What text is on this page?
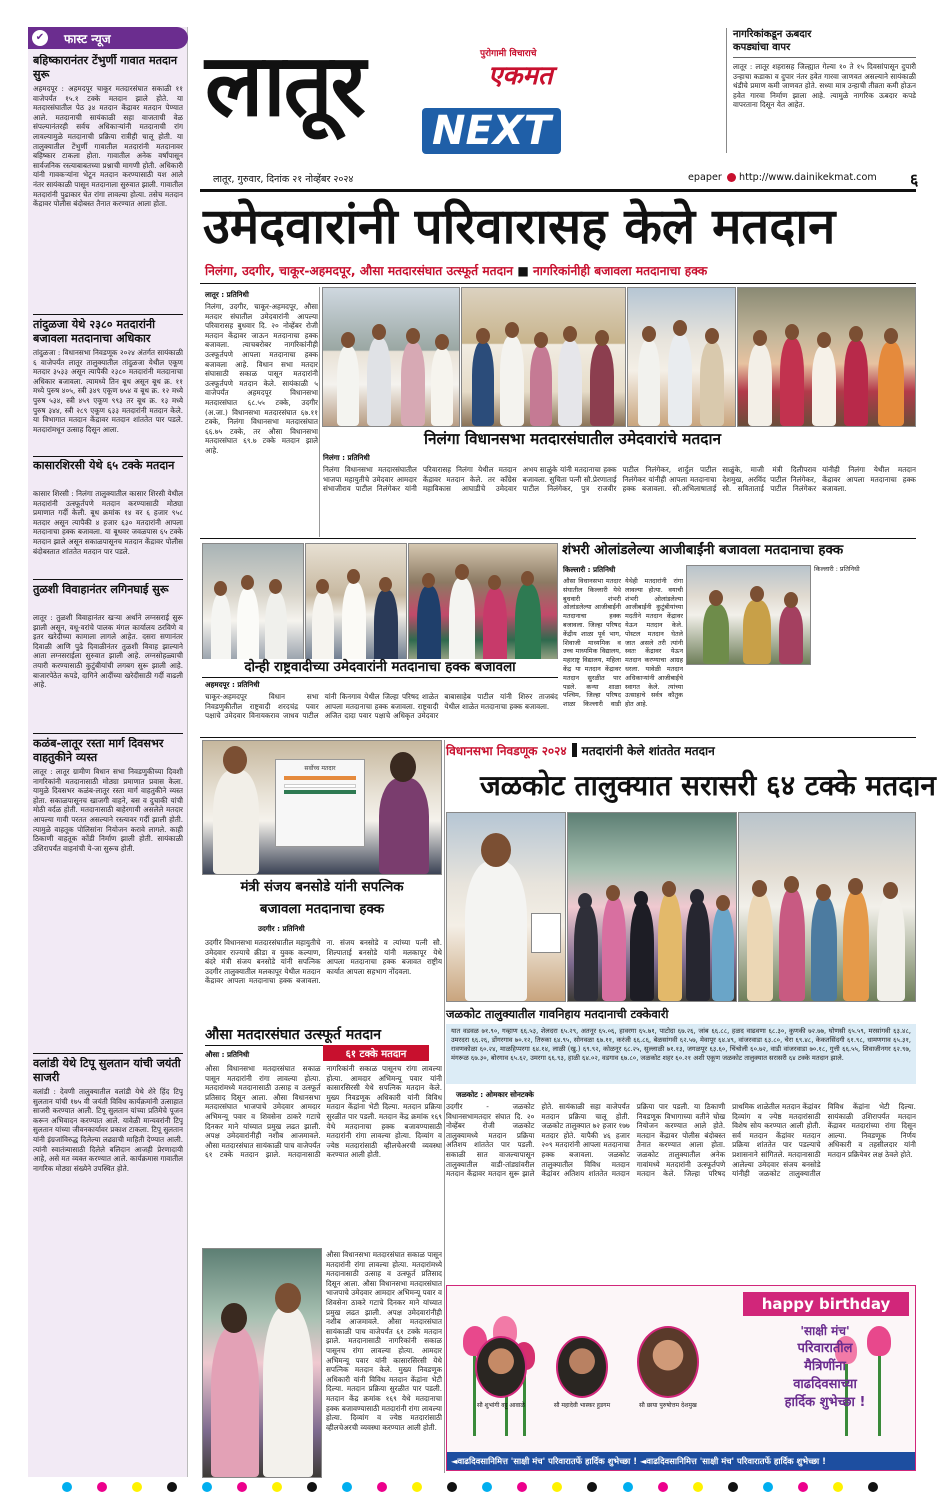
✔	फास्ट न्यूज
बहिष्कारानंतर टेंभुर्णी गावात मतदान सुरू
अहमदपूर : अहमदपूर चाकूर मतदारसंघात सकाळी ११ वाजेपर्यंत १५.१ टक्के मतदान झाले होते. या मतदारसंघातील पेठ ३४ मतदान केंद्रावर मतदान पेण्यात आले. मतदानाची सायंकाळी सहा वाजताची वेळ संपल्यानंतरही सर्वच अधिकाऱ्यांनी मतदानाची रांग लावल्यामुळे मतदानाची प्रक्रिया रात्रीही चालू होती. या तालुक्यातील टेंभुर्णी गावातील मतदारांनी मतदानावर बहिष्कार टाकला होता. गावातील अनेक वर्षांपासून सार्वजनिक रस्त्याबाबतच्या प्रश्नाची मागणी होती. अधिकारी यांनी गावकऱ्यांना भेटून मतदान करण्यासाठी यश आले नंतर सायंकाळी पासून मतदानाला सुरुवात झाली. गावातील मतदारांनी पुढाकार घेत रांगा लावल्या होत्या. तसेच मतदान केंद्रावर पोलीस बंदोबस्त तैनात करण्यात आला होता.
तांदुळजा येथे २३८० मतदारांनी बजावला मतदानाचा अधिकार
तांदुळजा : विधानसभा निवडणूक २०२४ अंतर्गत सायंकाळी ६ वाजेपर्यंत लातूर तालुक्यातील तांदुळजा येथील एकूण मतदार ३५३३ असून त्यापैकी २३८० मतदारांनी मतदानाचा अधिकार बजावला. त्यामध्ये तिन बूथ असून बूथ क्र. ११ मध्ये पुरुष ४०५, स्त्री ३४९ एकूण ७५४ व बूथ क्र. १२ मध्ये पुरुष ५३४, स्त्री ४५९ एकूण ९९३ तर बूथ क्र. १३ मध्ये पुरुष ३४४, स्त्री २८९ एकूण ६३३ मतदारांनी मतदान केले. या विभागात मतदान केंद्रावर मतदान शांततेत पार पडले. मतदारांमधून उत्साह दिसून आला.
कासारशिरसी येथे ६५ टक्के मतदान
कासार शिरसी : निलंगा तालुक्यातील कासार शिरसी येथील मतदारांनी उत्स्फूर्तपणे मतदान करण्यासाठी मोठ्या प्रमाणात गर्दी केली. बूथ क्रमांक १४ वर ६ हजार ९५८ मतदार असून त्यापैकी ४ हजार ६३० मतदारांनी आपला मतदानाचा हक्क बजावला. या बूथवर जवळपास ६५ टक्के मतदान झाले असून सकाळपासूनच मतदान केंद्रावर पोलीस बंदोबस्तात शांततेत मतदान पार पडले.
तुळशी विवाहानंतर लगिनघाई सुरू
लातूर : तुळशी विवाहानंतर खऱ्या अर्थाने लग्नसराई सुरू झाली असून, वधू-वरांचे पालक मंगल कार्यालय ठरविणे व इतर खरेदीच्या कामाला लागले आहेत. दसरा सणानंतर दिवाळी आणि पुढे दिवाळीनंतर तुळशी विवाह झाल्याने आता लग्नसराईला सुरुवात झाली आहे. लग्नसोहळ्याची तयारी करण्यासाठी कुटुंबीयांची लगबग सुरू झाली आहे. बाजारपेठेत कपडे, दागिने आदींच्या खरेदीसाठी गर्दी वाढली आहे.
कळंब-लातूर रस्ता मार्ग दिवसभर वाहतुकीने व्यस्त
लातूर : लातूर ग्रामीण विधान सभा निवडणुकीच्या दिवशी नागरिकांनी मतदानासाठी मोठ्या प्रमाणात प्रवास केला. यामुळे दिवसभर कळंब-लातूर रस्ता मार्ग वाहतुकीने व्यस्त होता. सकाळपासूनच खाजगी वाहने, बस व दुचाकी यांची मोठी वर्दळ होती. मतदानासाठी बाहेरगावी असलेले मतदार आपल्या गावी परतत असल्याने रस्त्यावर गर्दी झाली होती. त्यामुळे वाहतूक पोलिसांना नियोजन करावे लागले. काही ठिकाणी वाहतूक कोंडी निर्माण झाली होती. सायंकाळी उशिरापर्यंत वाहनांची ये-जा सुरूच होती.
वलांडी येथे टिपू सुलतान यांची जयंती साजरी
वलांडी : देवणी तालुक्यातील वलांडी येथे शेरे हिंद टिपू सुलतान यांची १७५ वी जयंती विविध कार्यक्रमांनी उत्साहात साजरी करण्यात आली. टिपू सुलतान यांच्या प्रतिमेचे पूजन करून अभिवादन करण्यात आले. यावेळी मान्यवरांनी टिपू सुलतान यांच्या जीवनकार्यावर प्रकाश टाकला. टिपू सुलतान यांनी इंग्रजांविरुद्ध दिलेल्या लढ्याची माहिती देण्यात आली. त्यांनी स्वातंत्र्यासाठी दिलेले बलिदान आजही प्रेरणादायी आहे, असे मत व्यक्त करण्यात आले. कार्यक्रमास गावातील नागरिक मोठ्या संख्येने उपस्थित होते.
लातूर NEXT
पुरोगामी विचाराचे
एकमत
लातूर, गुरुवार, दिनांक २१ नोव्हेंबर २०२४	epaper http://www.dainikekmat.com ६
नागरिकांकडून ऊबदार
कपड्यांचा वापर
लातूर : लातूर शहरासह जिल्ह्यात गेल्या १० ते १५ दिवसांपासून दुपारी उन्हाचा कडाका व दुपार नंतर हवेत गारवा जाणवत असल्याने सायंकाळी थंडीचे प्रमाण कमी जाणवत होते. सध्या मात्र उन्हाची तीव्रता कमी होऊन हवेत गारवा निर्माण झाला आहे. त्यामुळे नागरिक ऊबदार कपडे वापरताना दिसून येत आहेत.
उमेदवारांनी परिवारासह केले मतदान
निलंगा, उदगीर, चाकूर-अहमदपूर, औसा मतदारसंघात उत्स्फूर्त मतदान ■ नागरिकांनीही बजावला मतदानाचा हक्क
लातूर : प्रतिनिधी
निलंगा, उदगीर, चाकूर-अहमदपूर, औसा मतदार संघातील उमेदवारांनी आपल्या परिवारासह बुधवार दि. २० नोव्हेंबर रोजी मतदान केंद्रावर जाऊन मतदानाचा हक्क बजावला. त्याचबरोबर नागरिकांनीही उत्स्फूर्तपणे आपला मतदानाचा हक्क बजावला आहे. विधान सभा मतदार संघासाठी सकाळ पासून मतदारांनी उत्स्फूर्तपणे मतदान केले. सायंकाळी ५ वाजेपर्यंत अहमदपूर विधानसभा मतदारसंघात ६८.५५ टक्के, उदगीर (अ.जा.) विधानसभा मतदारसंघात ६७.११ टक्के, निलंगा विधानसभा मतदारसंघात ६६.७५ टक्के, तर औसा विधानसभा मतदारसंघात ६९.७ टक्के मतदान झाले आहे.
निलंगा विधानसभा मतदारसंघातील उमेदवारांचे मतदान
निलंगा : प्रतिनिधी
निलंगा विधानसभा मतदारसंघातील भाजपा महायुतीचे उमेदवार आमदार संभाजीराव पाटील निलंगेकर यांनी परिवारासह निलंगा येथील मतदान केंद्रावर मतदान केले. तर काँग्रेस महाविकास आघाडीचे उमेदवार अभय साळुंके यांनी मतदानाचा हक्क बजावला. सुचिता पत्नी सौ.प्रेरणाताई पाटील निलंगेकर, पुत्र राजवीर पाटील निलंगेकर, शार्दुल पाटील निलंगेकर यांनीही आपला मतदानाचा हक्क बजावला. सौ.अभिलाषाताई साळुंके, माजी मंत्री दिलीपराव देशमुख, अरविंद पाटील निलंगेकर, सौ. सविताताई पाटील निलंगेकर यांनीही निलंगा येथील मतदान केंद्रावर आपला मतदानाचा हक्क बजावला.
दोन्ही राष्ट्रवादीच्या उमेदवारांनी मतदानाचा हक्क बजावला
अहमदपूर : प्रतिनिधी
चाकूर-अहमदपूर विधान सभा निवडणुकीतील राष्ट्रवादी शरदचंद्र पवार पक्षाचे उमेदवार विनायकराव जाधव पाटील यांनी किनगाव येथील जिल्हा परिषद शाळेत आपला मतदानाचा हक्क बजावला. राष्ट्रवादी अजित दादा पवार पक्षाचे अधिकृत उमेदवार बाबासाहेब पाटील यांनी शिरुर ताजबंद येथील शाळेत मतदानाचा हक्क बजावला.
शंभरी ओलांडलेल्या आजीबाईंनी बजावला मतदानाचा हक्क
किल्लारी : प्रतिनिधी
औसा विधानसभा मतदार संघातील किल्लारी येथे बुधवारी शंभरी ओलांडलेल्या आजीबाईंनी मतदानाचा हक्क बजावला. जिल्हा परिषद केंद्रीय शाळा पूर्व भाग, शिवाजी माध्यमिक व उच्च माध्यमिक विद्यालय, महाराष्ट्र विद्यालय, महिला केंद्र या मतदान केंद्रावर मतदान सुरळीत पार पडले. कन्या शाळा पश्चिम, जिल्हा परिषद शाळा किल्लारी वाडी येथेही मतदारांनी रांगा लावल्या होत्या. वयाची शंभरी ओलांडलेल्या आजीबाईंनी कुटुंबीयांच्या मदतीने मतदान केंद्रावर येऊन मतदान केले. पोस्टल मतदान घेतले जात असले तरी त्यांनी स्वतः केंद्रावर येऊन मतदान करण्याचा आग्रह धरला. यावेळी मतदान अधिकाऱ्यांनी आजीबाईंचे स्वागत केले. त्यांच्या उत्साहाचे सर्वत्र कौतुक होत आहे.
किल्लारी : प्रतिनिधी
सर्वोच्च मतदार
मंत्री संजय बनसोडे यांनी सपत्निक
बजावला मतदानाचा हक्क
उदगीर : प्रतिनिधी
उदगीर विधानसभा मतदारसंघातील महायुतीचे उमेदवार राज्याचे क्रीडा व युवक कल्याण, बंदरे मंत्री संजय बनसोडे यांनी सपत्निक उदगीर तालुक्यातील मलकापूर येथील मतदान केंद्रावर आपला मतदानाचा हक्क बजावला. ना. संजय बनसोडे व त्यांच्या पत्नी सौ. शिल्पाताई बनसोडे यांनी मलकापूर येथे आपला मतदानाचा हक्क बजावत राष्ट्रीय कार्यात आपला सहभाग नोंदवला.
औसा मतदारसंघात उत्स्फूर्त मतदान
औसा : प्रतिनिधी	६१ टक्के मतदान
औसा विधानसभा मतदारसंघात सकाळ पासून मतदारांनी रांगा लावल्या होत्या. मतदारांमध्ये मतदानासाठी उत्साह व उत्स्फूर्त प्रतिसाद दिसून आला. औसा विधानसभा मतदारसंघात भाजपाचे उमेदवार आमदार अभिमन्यू पवार व शिवसेना ठाकरे गटाचे दिनकर माने यांच्यात प्रमुख लढत झाली. अपक्ष उमेदवारांनीही नशीब आजमावले. औसा मतदारसंघात सायंकाळी पाच वाजेपर्यंत ६१ टक्के मतदान झाले. मतदानासाठी नागरिकांनी सकाळ पासूनच रांगा लावल्या होत्या. आमदार अभिमन्यू पवार यांनी कासारसिरसी येथे सपत्निक मतदान केले. मुख्य निवडणूक अधिकारी यांनी विविध मतदान केंद्रांना भेटी दिल्या. मतदान प्रक्रिया सुरळीत पार पडली. मतदान केंद्र क्रमांक १६९ येथे मतदानाचा हक्क बजावण्यासाठी मतदारांनी रांगा लावल्या होत्या. दिव्यांग व ज्येष्ठ मतदारांसाठी व्हीलचेअरची व्यवस्था करण्यात आली होती.
औसा विधानसभा मतदारसंघात सकाळ पासून मतदारांनी रांगा लावल्या होत्या. मतदारांमध्ये मतदानासाठी उत्साह व उत्स्फूर्त प्रतिसाद दिसून आला. औसा विधानसभा मतदारसंघात भाजपाचे उमेदवार आमदार अभिमन्यू पवार व शिवसेना ठाकरे गटाचे दिनकर माने यांच्यात प्रमुख लढत झाली. अपक्ष उमेदवारांनीही नशीब आजमावले. औसा मतदारसंघात सायंकाळी पाच वाजेपर्यंत ६१ टक्के मतदान झाले. मतदानासाठी नागरिकांनी सकाळ पासूनच रांगा लावल्या होत्या. आमदार अभिमन्यू पवार यांनी कासारसिरसी येथे सपत्निक मतदान केले. मुख्य निवडणूक अधिकारी यांनी विविध मतदान केंद्रांना भेटी दिल्या. मतदान प्रक्रिया सुरळीत पार पडली. मतदान केंद्र क्रमांक १६९ येथे मतदानाचा हक्क बजावण्यासाठी मतदारांनी रांगा लावल्या होत्या. दिव्यांग व ज्येष्ठ मतदारांसाठी व्हीलचेअरची व्यवस्था करण्यात आली होती.
विधानसभा निवडणूक २०२४ मतदारांनी केले शांततेत मतदान
जळकोट तालुक्यात सरासरी ६४ टक्के मतदान
जळकोट तालुक्यातील गावनिहाय मतदानाची टक्केवारी
यात वडवळ ७१.९०, गव्हाण ६६.५३, शेलदरा ६५.२९, अतनूर ६५.०६, हावरगा ६५.७१, पाटोदा ६७.२६, जांब ६६.८८, हळद वाढवणा ६८.३०, कुणकी ७२.७७, घोणसी ६५.५९, मरसांगवी ६३.४८, उमरदरा ६६.२६, डोंगरगाव ७०.१२, तिरुका ६४.९५, सोनवळा ६७.११, करंजी ६६.८६, बेळसांगवी ६२.५७, मेवापूर ६४.४९, वांजरवाडा ६३.८०, चेरा ६९.४८, केकतसिंदगी ६१.९८, धामणगाव ६५.३१, रावणकोळा ६०.२४, माळहिप्परगा ६४.१४, लाळी (खु.) ६९.९२, कोळनूर ६८.२५, सुल्लाळी ७१.१३, जगळपूर ६३.६०, चिंचोली ६०.७२, वाडी वांजरवाडा ७०.१८, गुत्ती ६६.५५, शिवाजीनगर ६२.९७, मंगरूळ ६७.३०, बोरगाव ६५.६२, उमरगा ६६.९३, हाळी ६४.०२, वडगाव ६७.८०, जळकोट शहर ६०.२१ अशी एकूण जळकोट तालुक्यात सरासरी ६४ टक्के मतदान झाले.
जळकोट : ओमकार सोनटक्के
उदगीर - जळकोट विधानसभामतदार संघात दि. २० नोव्हेंबर रोजी जळकोट तालुक्यामध्ये मतदान प्रक्रिया अतिशय शांततेत पार पडली. सकाळी सात वाजल्यापासून तालुक्यातील वाडी-तांड्यांवरील मतदान केंद्रावर मतदान सुरू झाले होते. सायंकाळी सहा वाजेपर्यंत मतदान प्रक्रिया चालू होती. जळकोट तालुक्यात ७२ हजार १७७ मतदार होते. यापैकी ४६ हजार २०९ मतदारांनी आपला मतदानाचा हक्क बजावला. जळकोट तालुक्यातील विविध मतदान केंद्रांवर अतिशय शांततेत मतदान प्रक्रिया पार पडली. या ठिकाणी निवडणूक विभागाच्या वतीने चोख नियोजन करण्यात आले होते. मतदान केंद्रावर पोलीस बंदोबस्त तैनात करण्यात आला होता. जळकोट तालुक्यातील अनेक गावांमध्ये मतदारांनी उत्स्फूर्तपणे मतदान केले. जिल्हा परिषद प्राथमिक शाळेतील मतदान केंद्रांवर दिव्यांग व ज्येष्ठ मतदारांसाठी विशेष सोय करण्यात आली होती. सर्व मतदान केंद्रांवर मतदान प्रक्रिया शांततेत पार पडल्याचे प्रशासनाने सांगितले. मतदानासाठी आलेल्या उमेदवार संजय बनसोडे यांनीही जळकोट तालुक्यातील विविध केंद्रांना भेटी दिल्या. सायंकाळी उशिरापर्यंत मतदान केंद्रावर मतदारांच्या रांगा दिसून आल्या. निवडणूक निर्णय अधिकारी व तहसीलदार यांनी मतदान प्रक्रियेवर लक्ष ठेवले होते.
happy birthday
'साक्षी मंच'
परिवारातील
मैत्रिणींना
वाढदिवसाच्या
हार्दिक शुभेच्छा !
सौ शुभांगी वट्टू आवाळे	सौ महादेवी भास्कर हुडगम	सौ छाया पुरुषोत्तम देशमुख
◄वाढदिवसानिमित्त 'साक्षी मंच' परिवारातर्फे हार्दिक शुभेच्छा ! ◄वाढदिवसानिमित्त 'साक्षी मंच' परिवारातर्फे हार्दिक शुभेच्छा !
